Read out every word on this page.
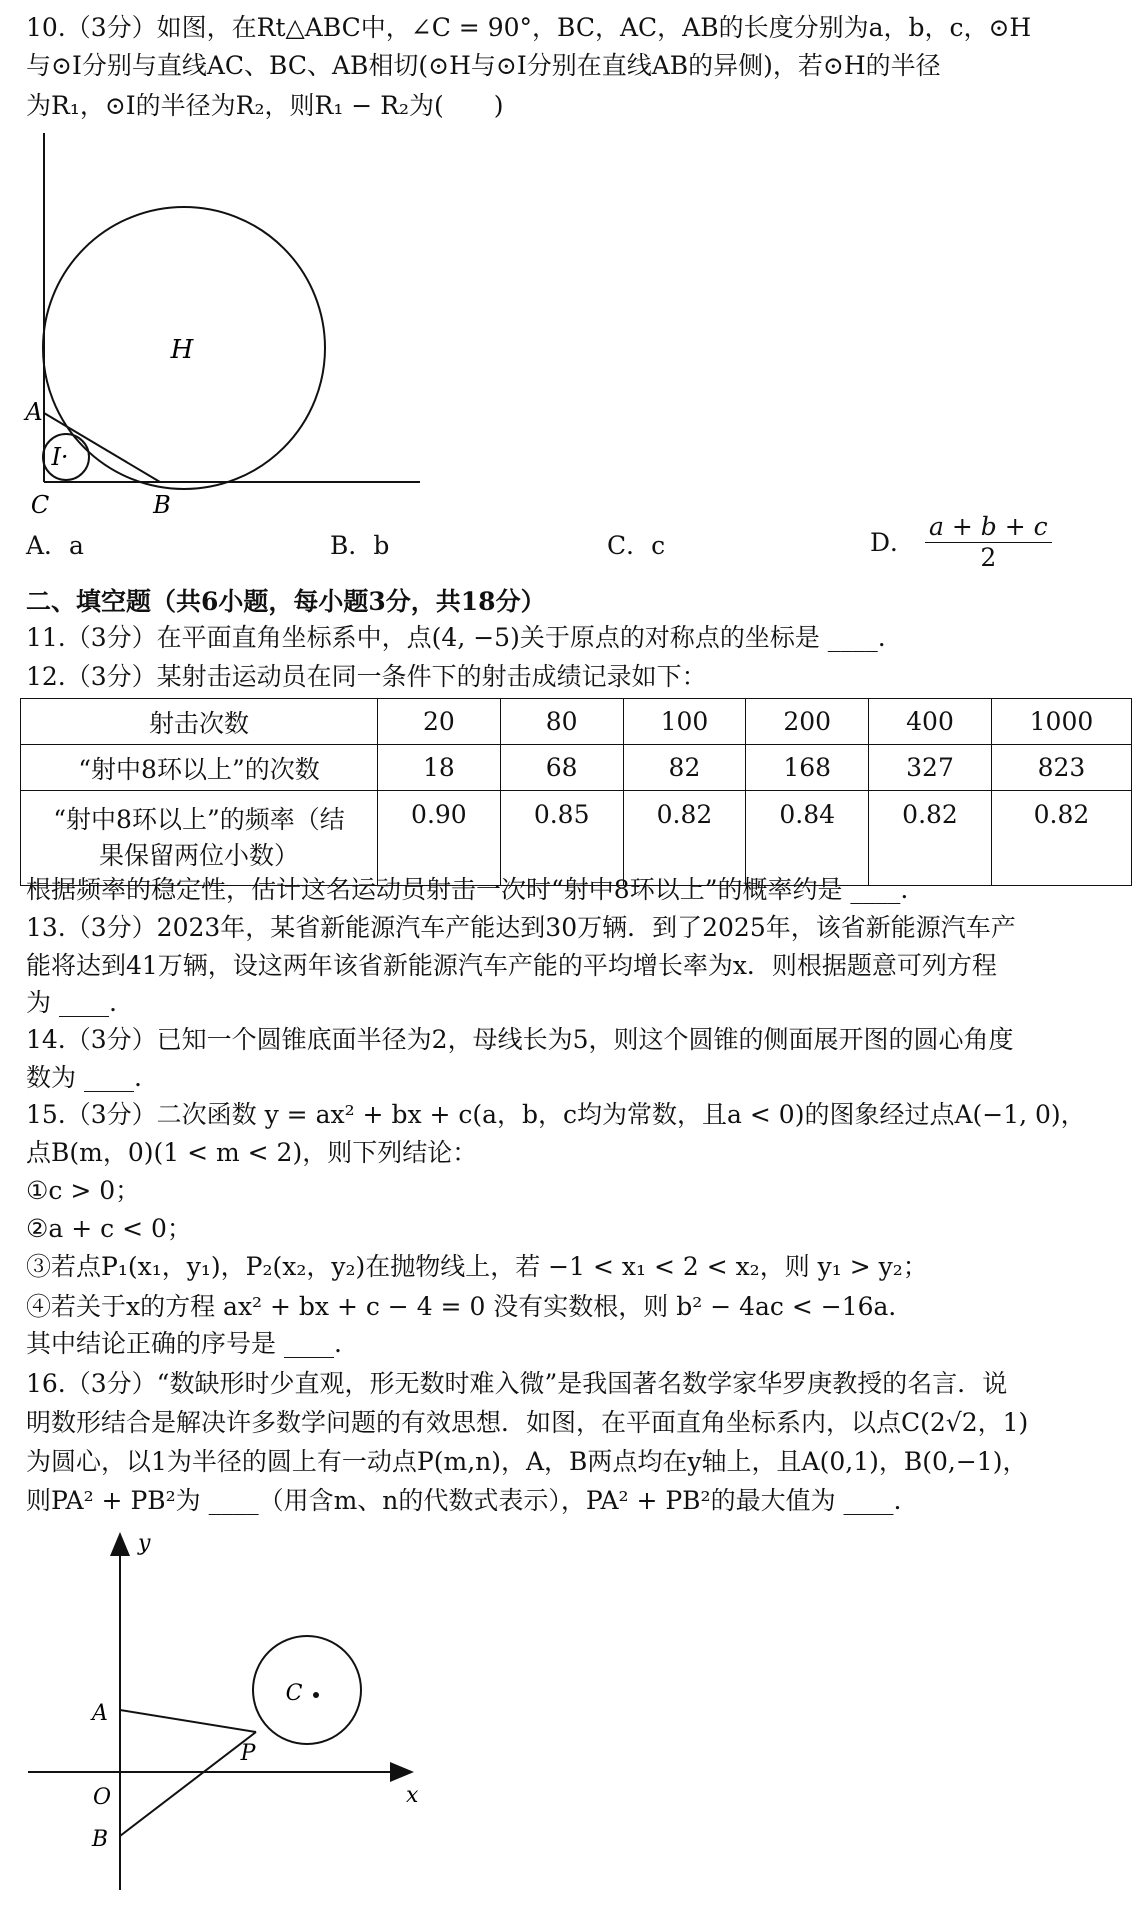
10.（3分）如图，在Rt△ABC中，∠C = 90°，BC，AC，AB的长度分别为a，b，c，⊙H
与⊙I分别与直线AC、BC、AB相切(⊙H与⊙I分别在直线AB的异侧)，若⊙H的半径
为R₁，⊙I的半径为R₂，则R₁ − R₂为(　　)
H
I·
A
C	B
A．a	B．b	C．c	D． $\frac{a + b + c}{2}$
二、填空题（共6小题，每小题3分，共18分）
11.（3分）在平面直角坐标系中，点(4, −5)关于原点的对称点的坐标是 ____.
12.（3分）某射击运动员在同一条件下的射击成绩记录如下：
射击次数	20	80	100	200	400	1000
“射中8环以上”的次数	18	68	82	168	327	823

“射中8环以上”的频率（结
果保留两位小数）	0.90	0.85	0.82	0.84	0.82	0.82
根据频率的稳定性，估计这名运动员射击一次时“射中8环以上”的概率约是 ____.
13.（3分）2023年，某省新能源汽车产能达到30万辆．到了2025年，该省新能源汽车产
能将达到41万辆，设这两年该省新能源汽车产能的平均增长率为x．则根据题意可列方程
为 ____.
14.（3分）已知一个圆锥底面半径为2，母线长为5，则这个圆锥的侧面展开图的圆心角度
数为 ____.
15.（3分）二次函数 y = ax² + bx + c(a，b，c均为常数，且a < 0)的图象经过点A(−1, 0)，
点B(m，0)(1 < m < 2)，则下列结论：
①c > 0；
②a + c < 0；
③若点P₁(x₁，y₁)，P₂(x₂，y₂)在抛物线上，若 −1 < x₁ < 2 < x₂，则 y₁ > y₂；
④若关于x的方程 ax² + bx + c − 4 = 0 没有实数根，则 b² − 4ac < −16a．
其中结论正确的序号是 ____.
16.（3分）“数缺形时少直观，形无数时难入微”是我国著名数学家华罗庚教授的名言．说
明数形结合是解决许多数学问题的有效思想．如图，在平面直角坐标系内，以点C(2√2，1)
为圆心，以1为半径的圆上有一动点P(m,n)，A，B两点均在y轴上，且A(0,1)，B(0,−1)，
则PA² + PB²为 ____（用含m、n的代数式表示），PA² + PB²的最大值为 ____.
y
x
A
O
B
C
P
